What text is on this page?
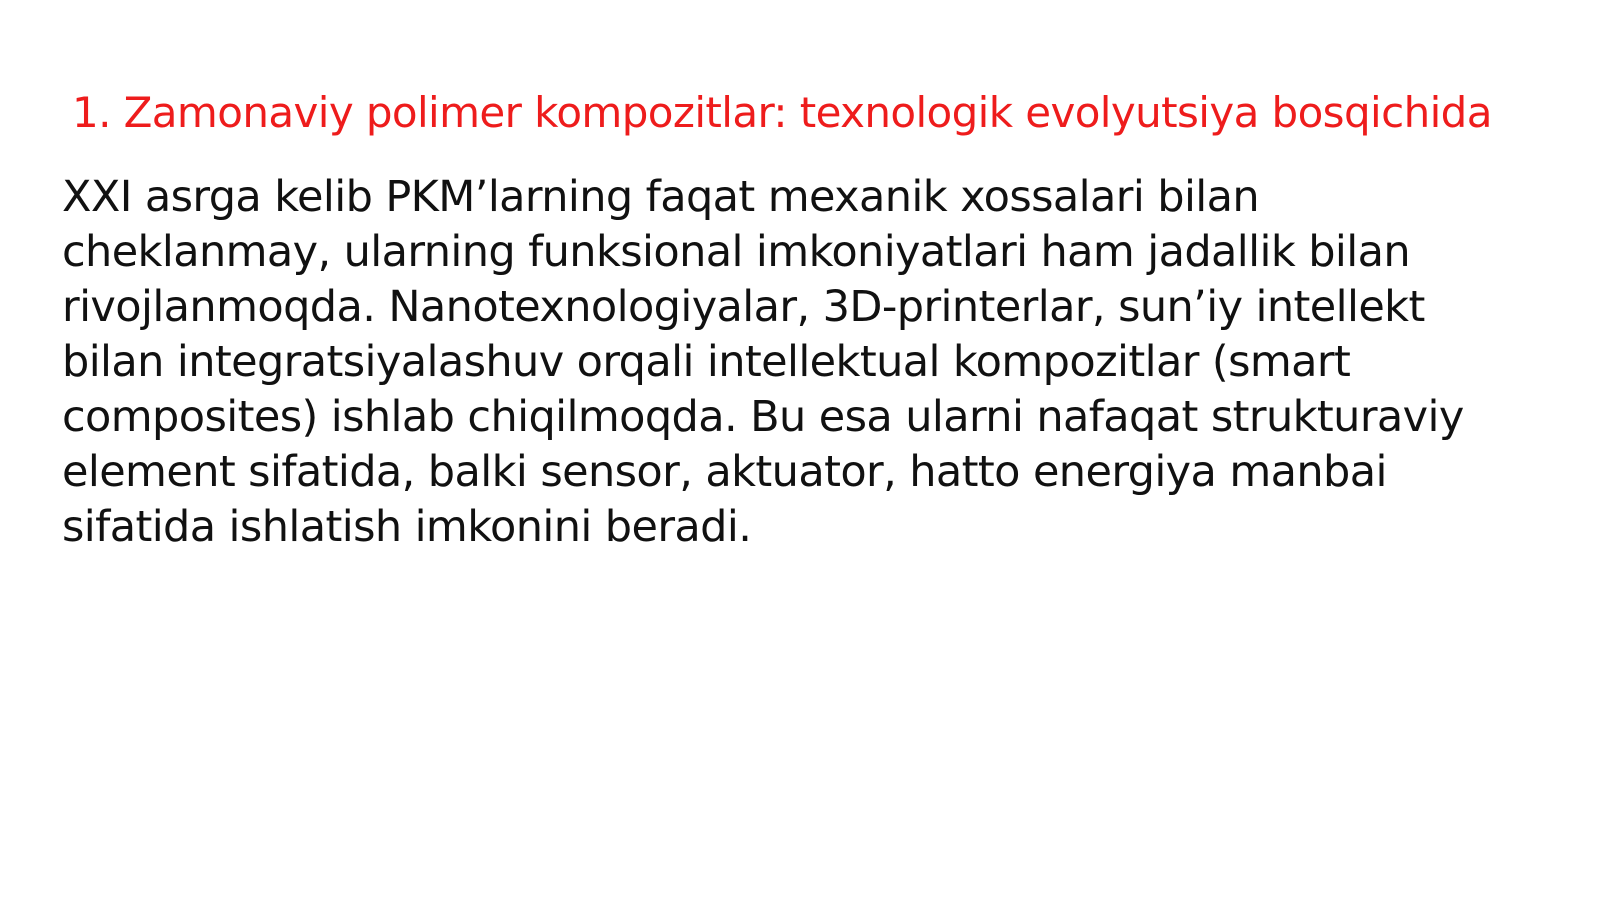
1. Zamonaviy polimer kompozitlar: texnologik evolyutsiya bosqichida

XXI asrga kelib PKM’larning faqat mexanik xossalari bilan
cheklanmay, ularning funksional imkoniyatlari ham jadallik bilan
rivojlanmoqda. Nanotexnologiyalar, 3D-printerlar, sun’iy intellekt
bilan integratsiyalashuv orqali intellektual kompozitlar (smart
composites) ishlab chiqilmoqda. Bu esa ularni nafaqat strukturaviy
element sifatida, balki sensor, aktuator, hatto energiya manbai
sifatida ishlatish imkonini beradi.
